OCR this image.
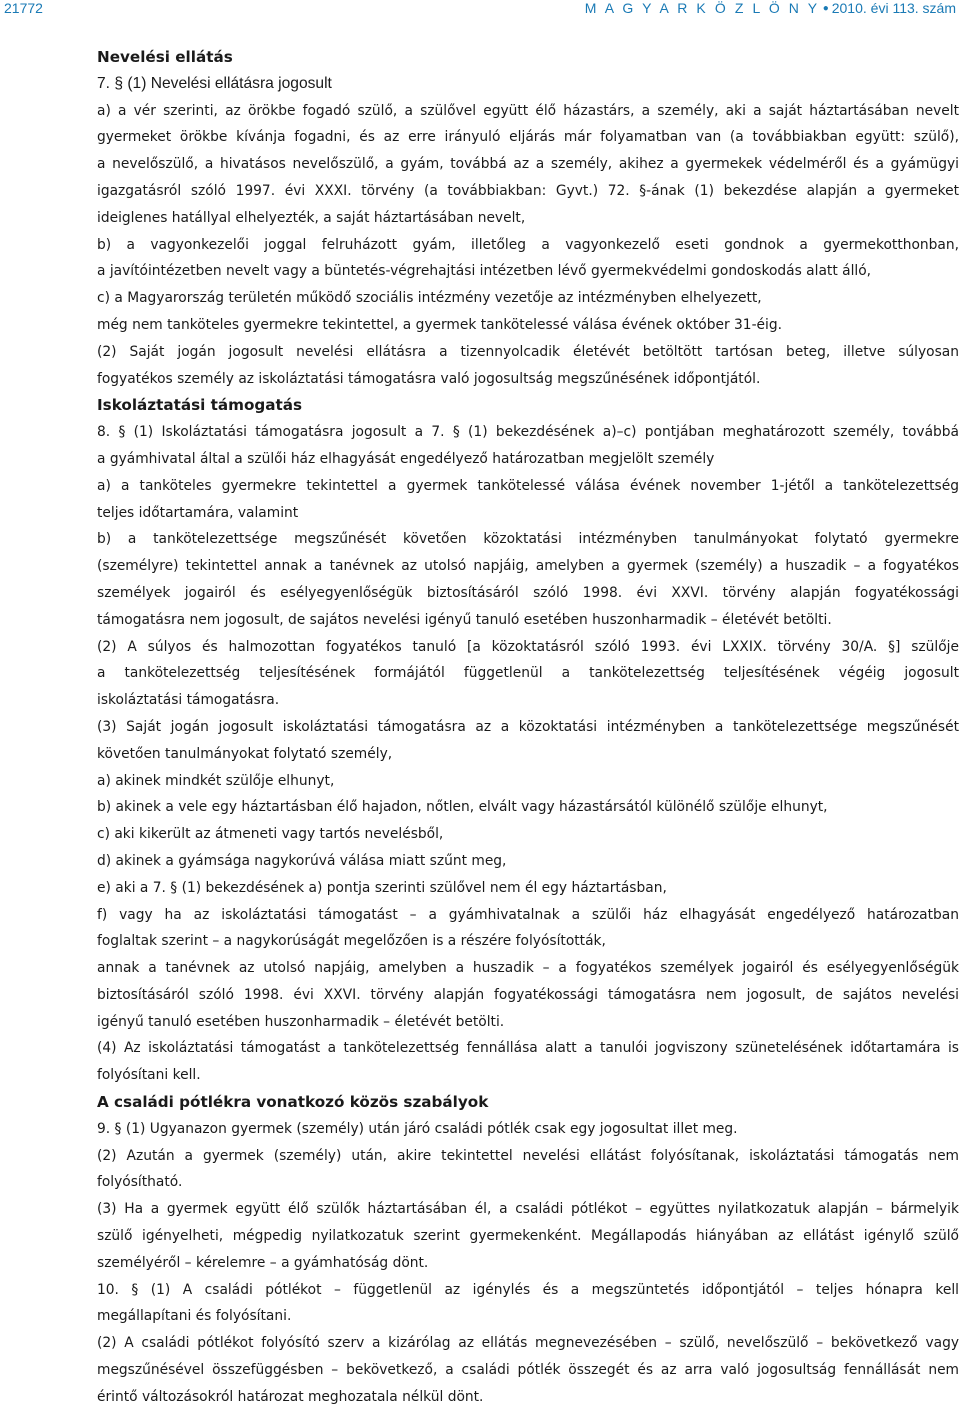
21772	M A G Y A R K Ö Z L Ö N Y ● 2010. évi 113. szám
Nevelési ellátás
7. § (1) Nevelési ellátásra jogosult
a) a vér szerinti, az örökbe fogadó szülő, a szülővel együtt élő házastárs, a személy, aki a saját háztartásában nevelt
gyermeket örökbe kívánja fogadni, és az erre irányuló eljárás már folyamatban van (a továbbiakban együtt: szülő),
a nevelőszülő, a hivatásos nevelőszülő, a gyám, továbbá az a személy, akihez a gyermekek védelméről és a gyámügyi
igazgatásról szóló 1997. évi XXXI. törvény (a továbbiakban: Gyvt.) 72. §-ának (1) bekezdése alapján a gyermeket
ideiglenes hatállyal elhelyezték, a saját háztartásában nevelt,
b) a vagyonkezelői joggal felruházott gyám, illetőleg a vagyonkezelő eseti gondnok a gyermekotthonban,
a javítóintézetben nevelt vagy a büntetés-végrehajtási intézetben lévő gyermekvédelmi gondoskodás alatt álló,
c) a Magyarország területén működő szociális intézmény vezetője az intézményben elhelyezett,
még nem tanköteles gyermekre tekintettel, a gyermek tankötelessé válása évének október 31-éig.
(2) Saját jogán jogosult nevelési ellátásra a tizennyolcadik életévét betöltött tartósan beteg, illetve súlyosan
fogyatékos személy az iskoláztatási támogatásra való jogosultság megszűnésének időpontjától.
Iskoláztatási támogatás
8. § (1) Iskoláztatási támogatásra jogosult a 7. § (1) bekezdésének a)–c) pontjában meghatározott személy, továbbá
a gyámhivatal által a szülői ház elhagyását engedélyező határozatban megjelölt személy
a) a tanköteles gyermekre tekintettel a gyermek tankötelessé válása évének november 1-jétől a tankötelezettség
teljes időtartamára, valamint
b) a tankötelezettsége megszűnését követően közoktatási intézményben tanulmányokat folytató gyermekre
(személyre) tekintettel annak a tanévnek az utolsó napjáig, amelyben a gyermek (személy) a huszadik – a fogyatékos
személyek jogairól és esélyegyenlőségük biztosításáról szóló 1998. évi XXVI. törvény alapján fogyatékossági
támogatásra nem jogosult, de sajátos nevelési igényű tanuló esetében huszonharmadik – életévét betölti.
(2) A súlyos és halmozottan fogyatékos tanuló [a közoktatásról szóló 1993. évi LXXIX. törvény 30/A. §] szülője
a tankötelezettség teljesítésének formájától függetlenül a tankötelezettség teljesítésének végéig jogosult
iskoláztatási támogatásra.
(3) Saját jogán jogosult iskoláztatási támogatásra az a közoktatási intézményben a tankötelezettsége megszűnését
követően tanulmányokat folytató személy,
a) akinek mindkét szülője elhunyt,
b) akinek a vele egy háztartásban élő hajadon, nőtlen, elvált vagy házastársától különélő szülője elhunyt,
c) aki kikerült az átmeneti vagy tartós nevelésből,
d) akinek a gyámsága nagykorúvá válása miatt szűnt meg,
e) aki a 7. § (1) bekezdésének a) pontja szerinti szülővel nem él egy háztartásban,
f) vagy ha az iskoláztatási támogatást – a gyámhivatalnak a szülői ház elhagyását engedélyező határozatban
foglaltak szerint – a nagykorúságát megelőzően is a részére folyósították,
annak a tanévnek az utolsó napjáig, amelyben a huszadik – a fogyatékos személyek jogairól és esélyegyenlőségük
biztosításáról szóló 1998. évi XXVI. törvény alapján fogyatékossági támogatásra nem jogosult, de sajátos nevelési
igényű tanuló esetében huszonharmadik – életévét betölti.
(4) Az iskoláztatási támogatást a tankötelezettség fennállása alatt a tanulói jogviszony szünetelésének időtartamára is
folyósítani kell.
A családi pótlékra vonatkozó közös szabályok
9. § (1) Ugyanazon gyermek (személy) után járó családi pótlék csak egy jogosultat illet meg.
(2) Azután a gyermek (személy) után, akire tekintettel nevelési ellátást folyósítanak, iskoláztatási támogatás nem
folyósítható.
(3) Ha a gyermek együtt élő szülők háztartásában él, a családi pótlékot – együttes nyilatkozatuk alapján – bármelyik
szülő igényelheti, mégpedig nyilatkozatuk szerint gyermekenként. Megállapodás hiányában az ellátást igénylő szülő
személyéről – kérelemre – a gyámhatóság dönt.
10. § (1) A családi pótlékot – függetlenül az igénylés és a megszüntetés időpontjától – teljes hónapra kell
megállapítani és folyósítani.
(2) A családi pótlékot folyósító szerv a kizárólag az ellátás megnevezésében – szülő, nevelőszülő – bekövetkező vagy
megszűnésével összefüggésben – bekövetkező, a családi pótlék összegét és az arra való jogosultság fennállását nem
érintő változásokról határozat meghozatala nélkül dönt.
